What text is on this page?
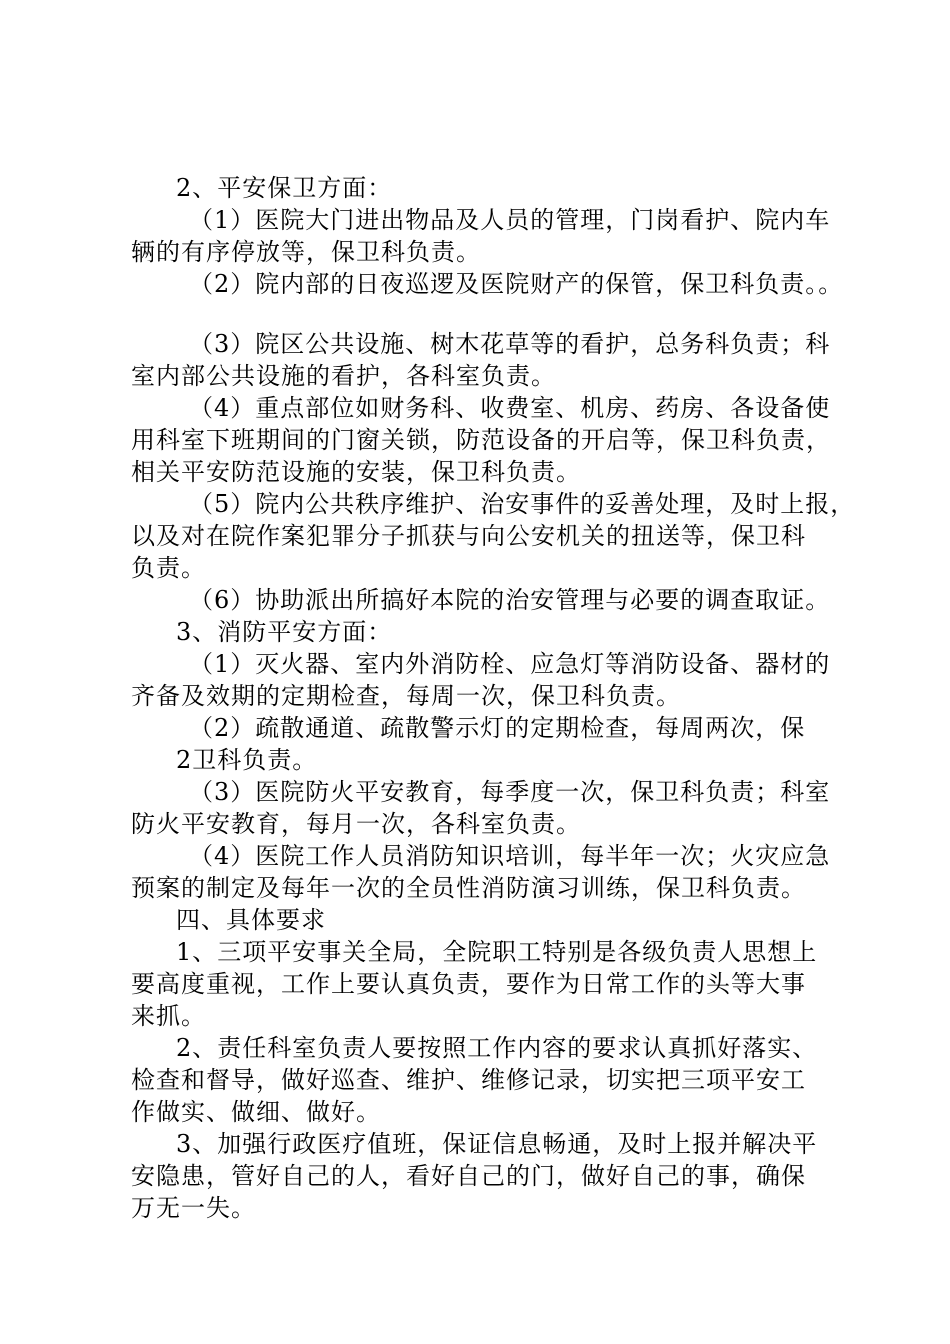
2、平安保卫方面：
（1）医院大门进出物品及人员的管理，门岗看护、院内车
辆的有序停放等，保卫科负责。
（2）院内部的日夜巡逻及医院财产的保管，保卫科负责。。
（3）院区公共设施、树木花草等的看护，总务科负责；科
室内部公共设施的看护，各科室负责。
（4）重点部位如财务科、收费室、机房、药房、各设备使
用科室下班期间的门窗关锁，防范设备的开启等，保卫科负责，
相关平安防范设施的安装，保卫科负责。
（5）院内公共秩序维护、治安事件的妥善处理，及时上报，
以及对在院作案犯罪分子抓获与向公安机关的扭送等，保卫科
负责。
（6）协助派出所搞好本院的治安管理与必要的调查取证。
3、消防平安方面：
（1）灭火器、室内外消防栓、应急灯等消防设备、器材的
齐备及效期的定期检查，每周一次，保卫科负责。
（2）疏散通道、疏散警示灯的定期检查，每周两次，保
2卫科负责。
（3）医院防火平安教育，每季度一次，保卫科负责；科室
防火平安教育，每月一次，各科室负责。
（4）医院工作人员消防知识培训，每半年一次；火灾应急
预案的制定及每年一次的全员性消防演习训练，保卫科负责。
四、具体要求
1、三项平安事关全局，全院职工特别是各级负责人思想上
要高度重视，工作上要认真负责，要作为日常工作的头等大事
来抓。
2、责任科室负责人要按照工作内容的要求认真抓好落实、
检查和督导，做好巡查、维护、维修记录，切实把三项平安工
作做实、做细、做好。
3、加强行政医疗值班，保证信息畅通，及时上报并解决平
安隐患，管好自己的人，看好自己的门，做好自己的事，确保
万无一失。
